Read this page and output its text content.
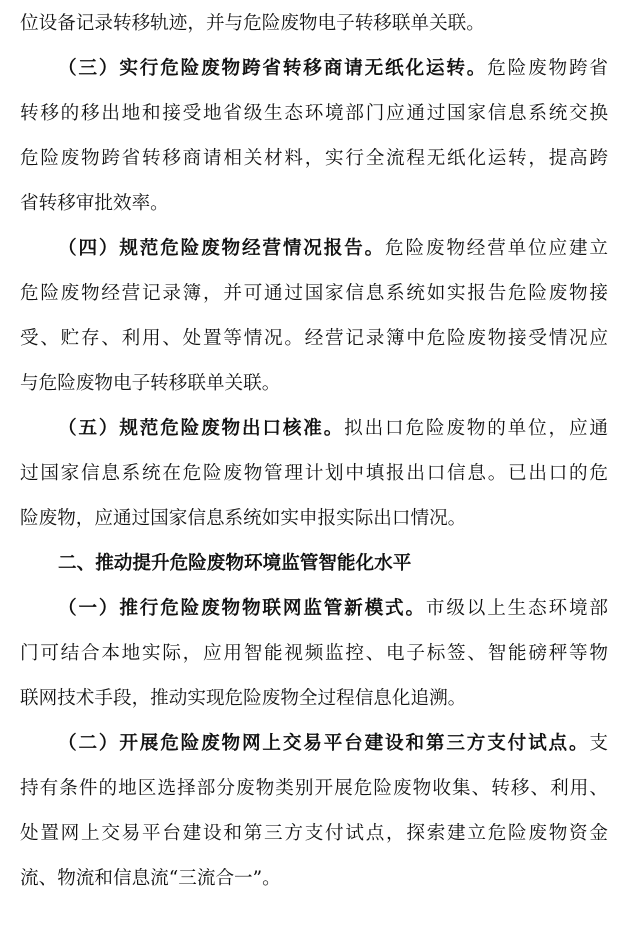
位设备记录转移轨迹，并与危险废物电子转移联单关联。
（三）实行危险废物跨省转移商请无纸化运转。危险废物跨省
转移的移出地和接受地省级生态环境部门应通过国家信息系统交换
危险废物跨省转移商请相关材料，实行全流程无纸化运转，提高跨
省转移审批效率。
（四）规范危险废物经营情况报告。危险废物经营单位应建立
危险废物经营记录簿，并可通过国家信息系统如实报告危险废物接
受、贮存、利用、处置等情况。经营记录簿中危险废物接受情况应
与危险废物电子转移联单关联。
（五）规范危险废物出口核准。拟出口危险废物的单位，应通
过国家信息系统在危险废物管理计划中填报出口信息。已出口的危
险废物，应通过国家信息系统如实申报实际出口情况。
二、推动提升危险废物环境监管智能化水平
（一）推行危险废物物联网监管新模式。市级以上生态环境部
门可结合本地实际，应用智能视频监控、电子标签、智能磅秤等物
联网技术手段，推动实现危险废物全过程信息化追溯。
（二）开展危险废物网上交易平台建设和第三方支付试点。支
持有条件的地区选择部分废物类别开展危险废物收集、转移、利用、
处置网上交易平台建设和第三方支付试点，探索建立危险废物资金
流、物流和信息流“三流合一”。
